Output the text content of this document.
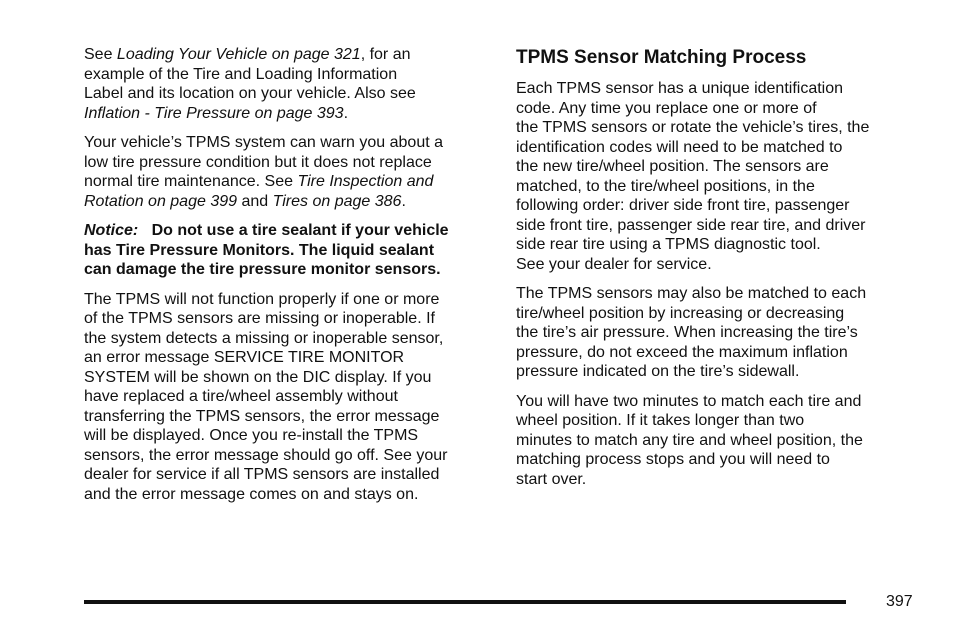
See Loading Your Vehicle on page 321, for an
example of the Tire and Loading Information
Label and its location on your vehicle. Also see
Inflation - Tire Pressure on page 393.

Your vehicle’s TPMS system can warn you about a
low tire pressure condition but it does not replace
normal tire maintenance. See Tire Inspection and
Rotation on page 399 and Tires on page 386.

Notice: Do not use a tire sealant if your vehicle
has Tire Pressure Monitors. The liquid sealant
can damage the tire pressure monitor sensors.

The TPMS will not function properly if one or more
of the TPMS sensors are missing or inoperable. If
the system detects a missing or inoperable sensor,
an error message SERVICE TIRE MONITOR
SYSTEM will be shown on the DIC display. If you
have replaced a tire/wheel assembly without
transferring the TPMS sensors, the error message
will be displayed. Once you re-install the TPMS
sensors, the error message should go off. See your
dealer for service if all TPMS sensors are installed
and the error message comes on and stays on.

TPMS Sensor Matching Process

Each TPMS sensor has a unique identification
code. Any time you replace one or more of
the TPMS sensors or rotate the vehicle’s tires, the
identification codes will need to be matched to
the new tire/wheel position. The sensors are
matched, to the tire/wheel positions, in the
following order: driver side front tire, passenger
side front tire, passenger side rear tire, and driver
side rear tire using a TPMS diagnostic tool.
See your dealer for service.

The TPMS sensors may also be matched to each
tire/wheel position by increasing or decreasing
the tire’s air pressure. When increasing the tire’s
pressure, do not exceed the maximum inflation
pressure indicated on the tire’s sidewall.

You will have two minutes to match each tire and
wheel position. If it takes longer than two
minutes to match any tire and wheel position, the
matching process stops and you will need to
start over.

397
